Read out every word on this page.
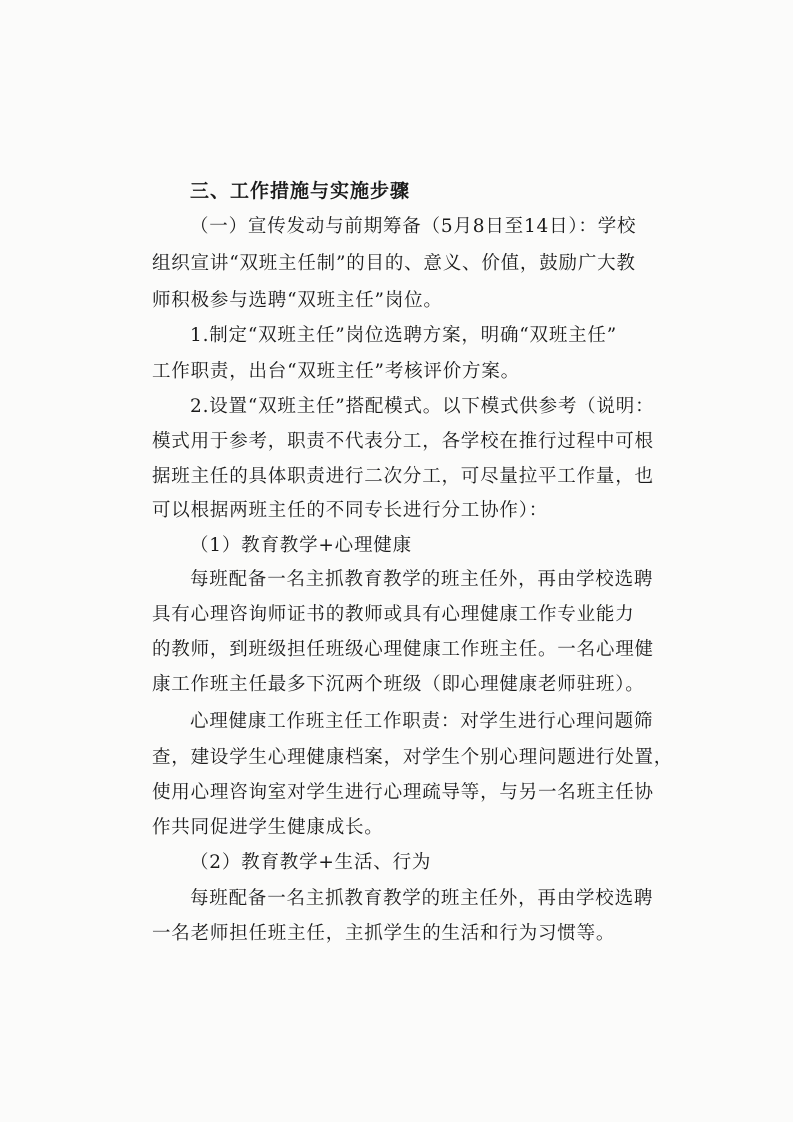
三、工作措施与实施步骤
（一）宣传发动与前期筹备（5月8日至14日）：学校
组织宣讲“双班主任制”的目的、意义、价值，鼓励广大教
师积极参与选聘“双班主任”岗位。
1.制定“双班主任”岗位选聘方案，明确“双班主任”
工作职责，出台“双班主任”考核评价方案。
2.设置“双班主任”搭配模式。以下模式供参考（说明：
模式用于参考，职责不代表分工，各学校在推行过程中可根
据班主任的具体职责进行二次分工，可尽量拉平工作量，也
可以根据两班主任的不同专长进行分工协作）：
（1）教育教学+心理健康
每班配备一名主抓教育教学的班主任外，再由学校选聘
具有心理咨询师证书的教师或具有心理健康工作专业能力
的教师，到班级担任班级心理健康工作班主任。一名心理健
康工作班主任最多下沉两个班级（即心理健康老师驻班）。
心理健康工作班主任工作职责：对学生进行心理问题筛
查，建设学生心理健康档案，对学生个别心理问题进行处置，
使用心理咨询室对学生进行心理疏导等，与另一名班主任协
作共同促进学生健康成长。
（2）教育教学+生活、行为
每班配备一名主抓教育教学的班主任外，再由学校选聘
一名老师担任班主任，主抓学生的生活和行为习惯等。
